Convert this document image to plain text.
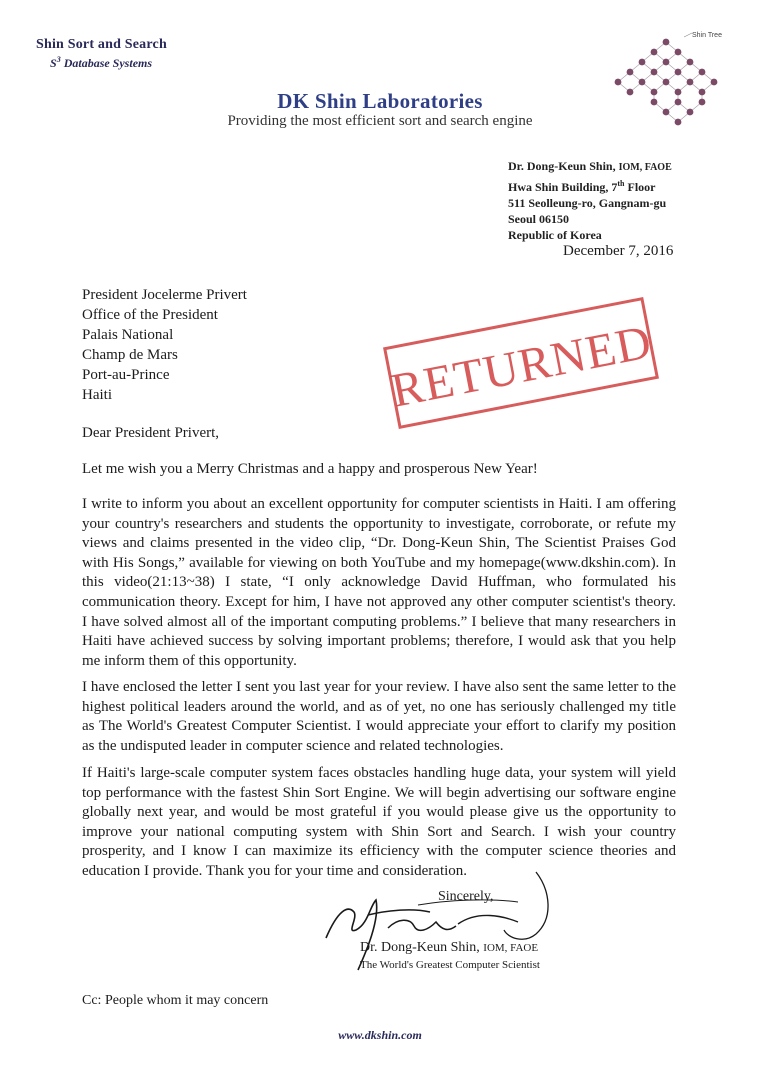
Shin Sort and Search
$S^3$ Database Systems
DK Shin Laboratories
Providing the most efficient sort and search engine
Shin Tree
Dr. Dong-Keun Shin, IOM, FAOE
Hwa Shin Building, 7th Floor
511 Seolleung-ro, Gangnam-gu
Seoul 06150
Republic of Korea
December 7, 2016
President Jocelerme Privert
Office of the President
Palais National
Champ de Mars
Port-au-Prince
Haiti	RETURNED
Dear President Privert,
Let me wish you a Merry Christmas and a happy and prosperous New Year!
I write to inform you about an excellent opportunity for computer scientists in Haiti. I am offering your country's researchers and students the opportunity to investigate, corroborate, or refute my views and claims presented in the video clip, “Dr. Dong-Keun Shin, The Scientist Praises God with His Songs,” available for viewing on both YouTube and my homepage(www.dkshin.com). In this video(21:13~38) I state, “I only acknowledge David Huffman, who formulated his communication theory. Except for him, I have not approved any other computer scientist's theory. I have solved almost all of the important computing problems.” I believe that many researchers in Haiti have achieved success by solving important problems; therefore, I would ask that you help me inform them of this opportunity.
I have enclosed the letter I sent you last year for your review. I have also sent the same letter to the highest political leaders around the world, and as of yet, no one has seriously challenged my title as The World's Greatest Computer Scientist. I would appreciate your effort to clarify my position as the undisputed leader in computer science and related technologies.
If Haiti's large-scale computer system faces obstacles handling huge data, your system will yield top performance with the fastest Shin Sort Engine. We will begin advertising our software engine globally next year, and would be most grateful if you would please give us the opportunity to improve your national computing system with Shin Sort and Search. I wish your country prosperity, and I know I can maximize its efficiency with the computer science theories and education I provide. Thank you for your time and consideration.
Sincerely,
Dr. Dong-Keun Shin, IOM, FAOE
The World's Greatest Computer Scientist
Cc: People whom it may concern
www.dkshin.com
